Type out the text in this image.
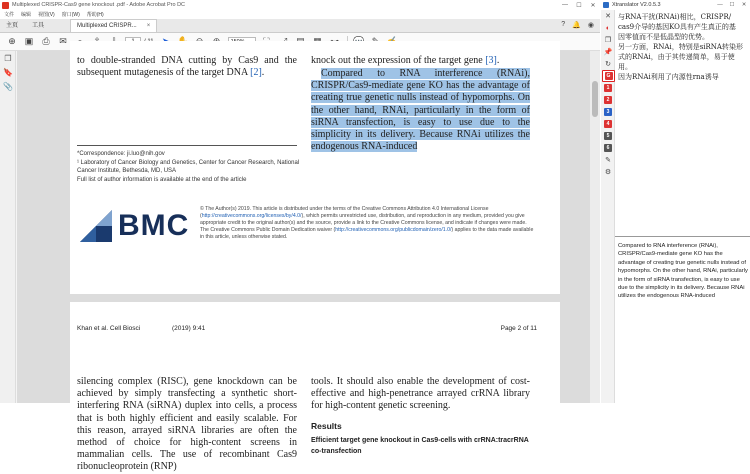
Multiplexed CRISPR-Cas9 gene knockout .pdf - Adobe Acrobat Pro DC	—	☐	✕
文件 编辑 视图(V) 窗口(W) 帮助(H)
主页	工具	Multiplexed CRISPR... ×	? 🔔 ◉
⊕ ▣ ⎙ ✉
❐
🔖
📎
to double-stranded DNA cutting by Cas9 and the subsequent mutagenesis of the target DNA [2].
knock out the expression of the target gene [3].
Compared to RNA interference (RNAi), CRISPR/Cas9-mediate gene KO has the advantage of creating true genetic nulls instead of hypomorphs. On the other hand, RNAi, particularly in the form of siRNA transfection, is easy to use due to the simplicity in its delivery. Because RNAi utilizes the endogenous RNA-induced
*Correspondence: ji.luo@nih.gov
¹ Laboratory of Cancer Biology and Genetics, Center for Cancer Research, National Cancer Institute, Bethesda, MD, USA
Full list of author information is available at the end of the article
BMC © The Author(s) 2019. This article is distributed under the terms of the Creative Commons Attribution 4.0 International License (http://creativecommons.org/licenses/by/4.0/), which permits unrestricted use, distribution, and reproduction in any medium, provided you give appropriate credit to the original author(s) and the source, provide a link to the Creative Commons license, and indicate if changes were made. The Creative Commons Public Domain Dedication waiver (http://creativecommons.org/publicdomain/zero/1.0/) applies to the data made available in this article, unless otherwise stated.
Khan et al. Cell Biosci	(2019) 9:41	Page 2 of 11
silencing complex (RISC), gene knockdown can be achieved by simply transfecting a synthetic short-interfering RNA (siRNA) duplex into cells, a process that is both highly efficient and easily scalable. For this reason, arrayed siRNA libraries are often the method of choice for high-content screens in mammalian cells. The use of recombinant Cas9 ribonucleoprotein (RNP)
tools. It should also enable the development of cost-effective and high-penetrance arrayed crRNA library for high-content genetic screening.
Results
Efficient target gene knockout in Cas9-cells with crRNA:tracrRNA co-transfection
Xtranslator V2.0.5.3	—	☐	✕
✕
◐
❐
📌
↻
G
1
2
3
4
5
6
✎
⚙
与RNA干扰(RNAi)相比，CRISPR/
cas9介导的基因KO具有产生真正的基
因零值而不是低晶型的优势。
另一方面，RNAi，特别是siRNA转染形
式的RNAi，由于其传递简单，易于使
用。
因为RNAi利用了内源性rna诱导
Compared to RNA interference (RNAi), CRISPR/Cas9-mediate gene KO has the advantage of creating true genetic nulls instead of hypomorphs. On the other hand, RNAi, particularly in the form of siRNA transfection, is easy to use due to the simplicity in its delivery. Because RNAi utilizes the endogenous RNA-induced
